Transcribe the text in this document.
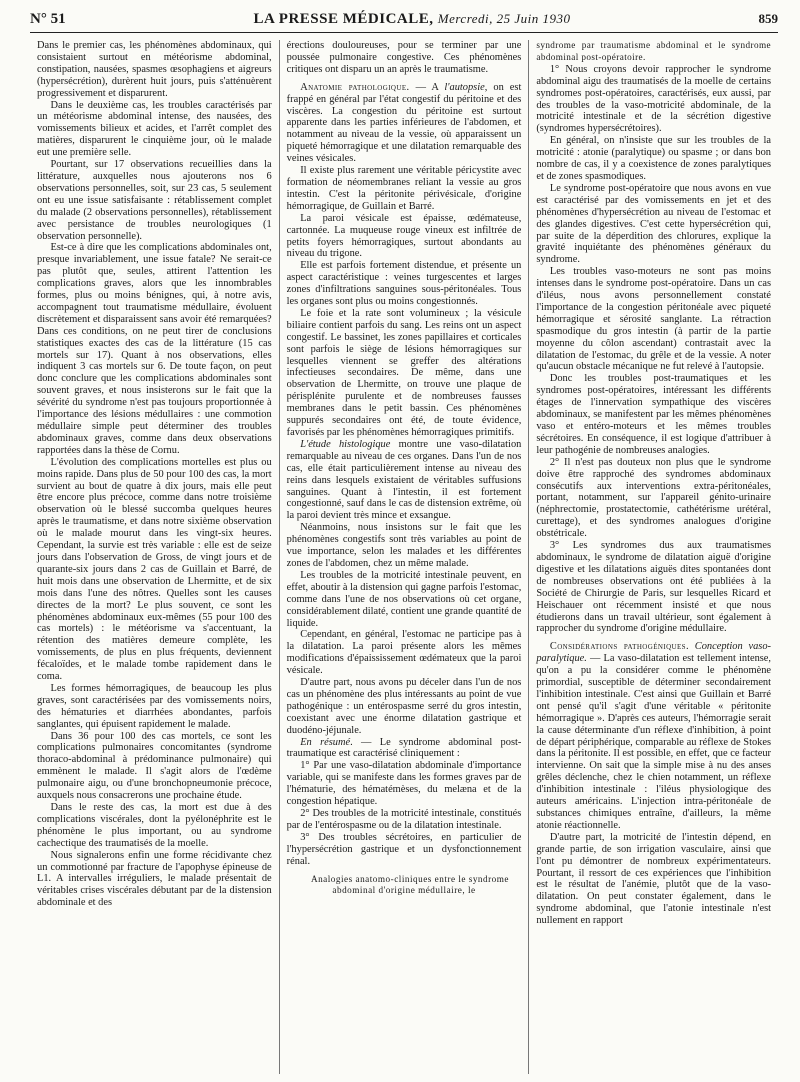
N° 51	LA PRESSE MÉDICALE, Mercredi, 25 Juin 1930	859

Dans le premier cas, les phénomènes abdominaux, qui consistaient surtout en météorisme abdominal, constipation, nausées, spasmes œsophagiens et aigreurs (hypersécrétion), durèrent huit jours, puis s'atténuèrent progressivement et disparurent.

Dans le deuxième cas, les troubles caractérisés par un météorisme abdominal intense, des nausées, des vomissements bilieux et acides, et l'arrêt complet des matières, disparurent le cinquième jour, où le malade eut une première selle.

Pourtant, sur 17 observations recueillies dans la littérature, auxquelles nous ajouterons nos 6 observations personnelles, soit, sur 23 cas, 5 seulement ont eu une issue satisfaisante : rétablissement complet du malade (2 observations personnelles), rétablissement avec persistance de troubles neurologiques (1 observation personnelle).

Est-ce à dire que les complications abdominales ont, presque invariablement, une issue fatale? Ne serait-ce pas plutôt que, seules, attirent l'attention les complications graves, alors que les innombrables formes, plus ou moins bénignes, qui, à notre avis, accompagnent tout traumatisme médullaire, évoluent discrètement et disparaissent sans avoir été remarquées? Dans ces conditions, on ne peut tirer de conclusions statistiques exactes des cas de la littérature (15 cas mortels sur 17). Quant à nos observations, elles indiquent 3 cas mortels sur 6. De toute façon, on peut donc conclure que les complications abdominales sont souvent graves, et nous insisterons sur le fait que la sévérité du syndrome n'est pas toujours proportionnée à l'importance des lésions médullaires : une commotion médullaire simple peut déterminer des troubles abdominaux graves, comme dans deux observations rapportées dans la thèse de Cornu.

L'évolution des complications mortelles est plus ou moins rapide. Dans plus de 50 pour 100 des cas, la mort survient au bout de quatre à dix jours, mais elle peut être encore plus précoce, comme dans notre troisième observation où le blessé succomba quelques heures après le traumatisme, et dans notre sixième observation où le malade mourut dans les vingt-six heures. Cependant, la survie est très variable : elle est de seize jours dans l'observation de Gross, de vingt jours et de quarante-six jours dans 2 cas de Guillain et Barré, de huit mois dans une observation de Lhermitte, et de six mois dans l'une des nôtres. Quelles sont les causes directes de la mort? Le plus souvent, ce sont les phénomènes abdominaux eux-mêmes (55 pour 100 des cas mortels) : le météorisme va s'accentuant, la rétention des matières demeure complète, les vomissements, de plus en plus fréquents, deviennent fécaloïdes, et le malade tombe rapidement dans le coma.

Les formes hémorragiques, de beaucoup les plus graves, sont caractérisées par des vomissements noirs, des hématuries et diarrhées abondantes, parfois sanglantes, qui épuisent rapidement le malade.

Dans 36 pour 100 des cas mortels, ce sont les complications pulmonaires concomitantes (syndrome thoraco-abdominal à prédominance pulmonaire) qui emmènent le malade. Il s'agit alors de l'œdème pulmonaire aigu, ou d'une bronchopneumonie précoce, auxquels nous consacrerons une prochaine étude.

Dans le reste des cas, la mort est due à des complications viscérales, dont la pyélonéphrite est le phénomène le plus important, ou au syndrome cachectique des traumatisés de la moelle.

Nous signalerons enfin une forme récidivante chez un commotionné par fracture de l'apophyse épineuse de L1. A intervalles irréguliers, le malade présentait de véritables crises viscérales débutant par de la distension abdominale et des

érections douloureuses, pour se terminer par une poussée pulmonaire congestive. Ces phénomènes critiques ont disparu un an après le traumatisme.

Anatomie pathologique. — A l'autopsie, on est frappé en général par l'état congestif du péritoine et des viscères. La congestion du péritoine est surtout apparente dans les parties inférieures de l'abdomen, et notamment au niveau de la vessie, où apparaissent un piqueté hémorragique et une dilatation remarquable des veines vésicales.

Il existe plus rarement une véritable péricystite avec formation de néomembranes reliant la vessie au gros intestin. C'est la péritonite périvésicale, d'origine hémorragique, de Guillain et Barré.

La paroi vésicale est épaisse, œdémateuse, cartonnée. La muqueuse rouge vineux est infiltrée de petits foyers hémorragiques, surtout abondants au niveau du trigone.

Elle est parfois fortement distendue, et présente un aspect caractéristique : veines turgescentes et larges zones d'infiltrations sanguines sous-péritonéales. Tous les organes sont plus ou moins congestionnés.

Le foie et la rate sont volumineux ; la vésicule biliaire contient parfois du sang. Les reins ont un aspect congestif. Le bassinet, les zones papillaires et corticales sont parfois le siège de lésions hémorragiques sur lesquelles viennent se greffer des altérations infectieuses secondaires. De même, dans une observation de Lhermitte, on trouve une plaque de périsplénite purulente et de nombreuses fausses membranes dans le petit bassin. Ces phénomènes suppurés secondaires ont été, de toute évidence, favorisés par les phénomènes hémorragiques primitifs.

L'étude histologique montre une vaso-dilatation remarquable au niveau de ces organes. Dans l'un de nos cas, elle était particulièrement intense au niveau des reins dans lesquels existaient de véritables suffusions sanguines. Quant à l'intestin, il est fortement congestionné, sauf dans le cas de distension extrême, où la paroi devient très mince et exsangue.

Néanmoins, nous insistons sur le fait que les phénomènes congestifs sont très variables au point de vue importance, selon les malades et les différentes zones de l'abdomen, chez un même malade.

Les troubles de la motricité intestinale peuvent, en effet, aboutir à la distension qui gagne parfois l'estomac, comme dans l'une de nos observations où cet organe, considérablement dilaté, contient une grande quantité de liquide.

Cependant, en général, l'estomac ne participe pas à la dilatation. La paroi présente alors les mêmes modifications d'épaississement œdémateux que la paroi vésicale.

D'autre part, nous avons pu déceler dans l'un de nos cas un phénomène des plus intéressants au point de vue pathogénique : un entérospasme serré du gros intestin, coexistant avec une énorme dilatation gastrique et duodéno-jéjunale.

En résumé. — Le syndrome abdominal post-traumatique est caractérisé cliniquement :

1° Par une vaso-dilatation abdominale d'importance variable, qui se manifeste dans les formes graves par de l'hématurie, des hématémèses, du melæna et de la congestion hépatique.

2° Des troubles de la motricité intestinale, constitués par de l'entérospasme ou de la dilatation intestinale.

3° Des troubles sécrétoires, en particulier de l'hypersécrétion gastrique et un dysfonctionnement rénal.

Analogies anatomo-cliniques entre le syndrome abdominal d'origine médullaire, le

syndrome par traumatisme abdominal et le syndrome abdominal post-opératoire.

1° Nous croyons devoir rapprocher le syndrome abdominal aigu des traumatisés de la moelle de certains syndromes post-opératoires, caractérisés, eux aussi, par des troubles de la vaso-motricité abdominale, de la motricité intestinale et de la sécrétion digestive (syndromes hypersécrétoires).

En général, on n'insiste que sur les troubles de la motricité : atonie (paralytique) ou spasme ; or dans bon nombre de cas, il y a coexistence de zones paralytiques et de zones spasmodiques.

Le syndrome post-opératoire que nous avons en vue est caractérisé par des vomissements en jet et des phénomènes d'hypersécrétion au niveau de l'estomac et des glandes digestives. C'est cette hypersécrétion qui, par suite de la déperdition des chlorures, explique la gravité inquiétante des phénomènes généraux du syndrome.

Les troubles vaso-moteurs ne sont pas moins intenses dans le syndrome post-opératoire. Dans un cas d'iléus, nous avons personnellement constaté l'importance de la congestion péritonéale avec piqueté hémorragique et sérosité sanglante. La rétraction spasmodique du gros intestin (à partir de la partie moyenne du côlon ascendant) contrastait avec la dilatation de l'estomac, du grêle et de la vessie. A noter qu'aucun obstacle mécanique ne fut relevé à l'autopsie.

Donc les troubles post-traumatiques et les syndromes post-opératoires, intéressant les différents étages de l'innervation sympathique des viscères abdominaux, se manifestent par les mêmes phénomènes vaso et entéro-moteurs et les mêmes troubles sécrétoires. En conséquence, il est logique d'attribuer à leur pathogénie de nombreuses analogies.

2° Il n'est pas douteux non plus que le syndrome doive être rapproché des syndromes abdominaux consécutifs aux interventions extra-péritonéales, portant, notamment, sur l'appareil génito-urinaire (néphrectomie, prostatectomie, cathétérisme urétéral, curettage), et des syndromes analogues d'origine obstétricale.

3° Les syndromes dus aux traumatismes abdominaux, le syndrome de dilatation aiguë d'origine digestive et les dilatations aiguës dites spontanées dont de nombreuses observations ont été publiées à la Société de Chirurgie de Paris, sur lesquelles Ricard et Heischauer ont récemment insisté et que nous étudierons dans un travail ultérieur, sont également à rapprocher du syndrome d'origine médullaire.

Considérations pathogéniques. Conception vaso-paralytique. — La vaso-dilatation est tellement intense, qu'on a pu la considérer comme le phénomène primordial, susceptible de déterminer secondairement l'inhibition intestinale. C'est ainsi que Guillain et Barré ont pensé qu'il s'agit d'une véritable « péritonite hémorragique ». D'après ces auteurs, l'hémorragie serait la cause déterminante d'un réflexe d'inhibition, à point de départ périphérique, comparable au réflexe de Stokes dans la péritonite. Il est possible, en effet, que ce facteur intervienne. On sait que la simple mise à nu des anses grêles déclenche, chez le chien notamment, un réflexe d'inhibition intestinale : l'iléus physiologique des auteurs américains. L'injection intra-péritonéale de substances chimiques entraîne, d'ailleurs, la même atonie réactionnelle.

D'autre part, la motricité de l'intestin dépend, en grande partie, de son irrigation vasculaire, ainsi que l'ont pu démontrer de nombreux expérimentateurs. Pourtant, il ressort de ces expériences que l'inhibition est le résultat de l'anémie, plutôt que de la vaso-dilatation. On peut constater également, dans le syndrome abdominal, que l'atonie intestinale n'est nullement en rapport
